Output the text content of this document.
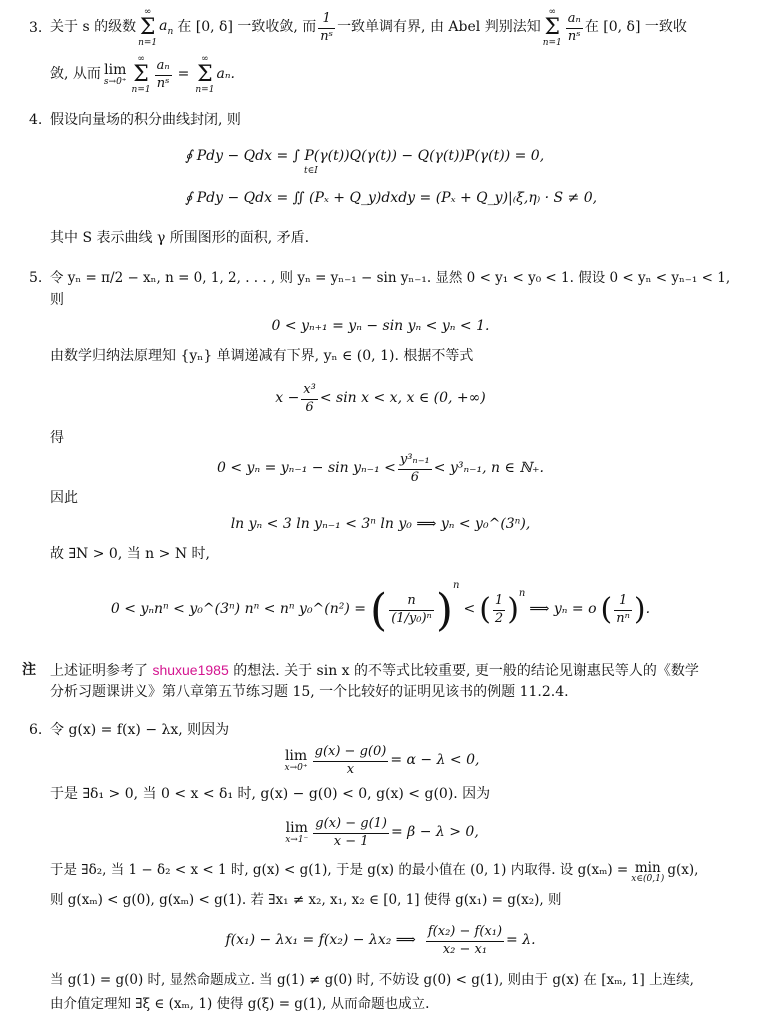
3. 关于 s 的级数
∞
Σ
n=1
$a_n$ 在 [0, δ] 一致收敛, 而 $\frac{1}{\text{nˢ}}$ 一致单调有界, 由 Abel 判别法知
∞
Σ
$n=1 \frac{\text{aₙ}}{\text{nˢ}}$ 在 [0, δ] 一致收
敛, 从而 lim
s→0⁺
∞
Σ
$n=1 \frac{\text{aₙ}}{\text{nˢ}}$ =
∞
Σ
n=1
aₙ.
4. 假设向量场的积分曲线封闭, 则
∮ Pdy − Qdx = ∫ P(γ(t))Q(γ(t)) − Q(γ(t))P(γ(t)) = 0,
t∈I
∮ Pdy − Qdx = ∬ (Pₓ + Q_y)dxdy = (Pₓ + Q_y)|₍ξ,η₎ · S ≠ 0,
其中 S 表示曲线 γ 所围图形的面积, 矛盾.
5. 令 yₙ = π/2 − xₙ, n = 0, 1, 2, . . . , 则 yₙ = yₙ₋₁ − sin yₙ₋₁. 显然 0 < y₁ < y₀ < 1. 假设 0 < yₙ < yₙ₋₁ < 1,
则
0 < yₙ₊₁ = yₙ − sin yₙ < yₙ < 1.
由数学归纳法原理知 {yₙ} 单调递减有下界, yₙ ∈ (0, 1). 根据不等式
$x - \frac{\text{x³}}{6} < \sin x < x$, x ∈ (0, +∞)
得
$0 < y_n = y_{n-1} - \sin y_{n-1} < \frac{\text{y³ₙ₋₁}}{6} < y^3_{n-1}$, n ∈ ℕ₊.
因此
ln yₙ < 3 ln yₙ₋₁ < 3ⁿ ln y₀ ⟹ yₙ < y₀^(3ⁿ),
故 ∃N > 0, 当 n > N 时,
0 < yₙnⁿ < y₀^(3ⁿ) nⁿ < nⁿ y₀^(n²) = ( $\frac{n}{\text{(1/y₀)ⁿ}} )^n$
< ( $\frac{1}{2} )^n$
⟹ yₙ = o ( $\frac{1}{\text{nⁿ}}$ ) .
注 上述证明参考了 shuxue1985 的想法. 关于 sin x 的不等式比较重要, 更一般的结论见谢惠民等人的《数学
分析习题课讲义》第八章第五节练习题 15, 一个比较好的证明见该书的例题 11.2.4.
6. 令 g(x) = f(x) − λx, 则因为
lim
$x\to 0^+ \frac{g(x) - g(0)}{x} = \alpha - \lambda < 0$,
于是 ∃δ₁ > 0, 当 0 < x < δ₁ 时, g(x) − g(0) < 0, g(x) < g(0). 因为
lim
$x\to 1^- \frac{g(x) - g(1)}{x - 1} = \beta - \lambda > 0$,
于是 ∃δ₂, 当 1 − δ₂ < x < 1 时, g(x) < g(1), 于是 g(x) 的最小值在 (0, 1) 内取得. 设 g(xₘ) = min
x∈(0,1)
g(x),
则 g(xₘ) < g(0), g(xₘ) < g(1). 若 ∃x₁ ≠ x₂, x₁, x₂ ∈ [0, 1] 使得 g(x₁) = g(x₂), 则
f(x₁) − λx₁ = f(x₂) − λx₂ ⟹ $\frac{\text{f(x₂) − f(x₁)}}{\text{x₂ − x₁}} = \lambda$.
当 g(1) = g(0) 时, 显然命题成立. 当 g(1) ≠ g(0) 时, 不妨设 g(0) < g(1), 则由于 g(x) 在 [xₘ, 1] 上连续,
由介值定理知 ∃ξ ∈ (xₘ, 1) 使得 g(ξ) = g(1), 从而命题也成立.
